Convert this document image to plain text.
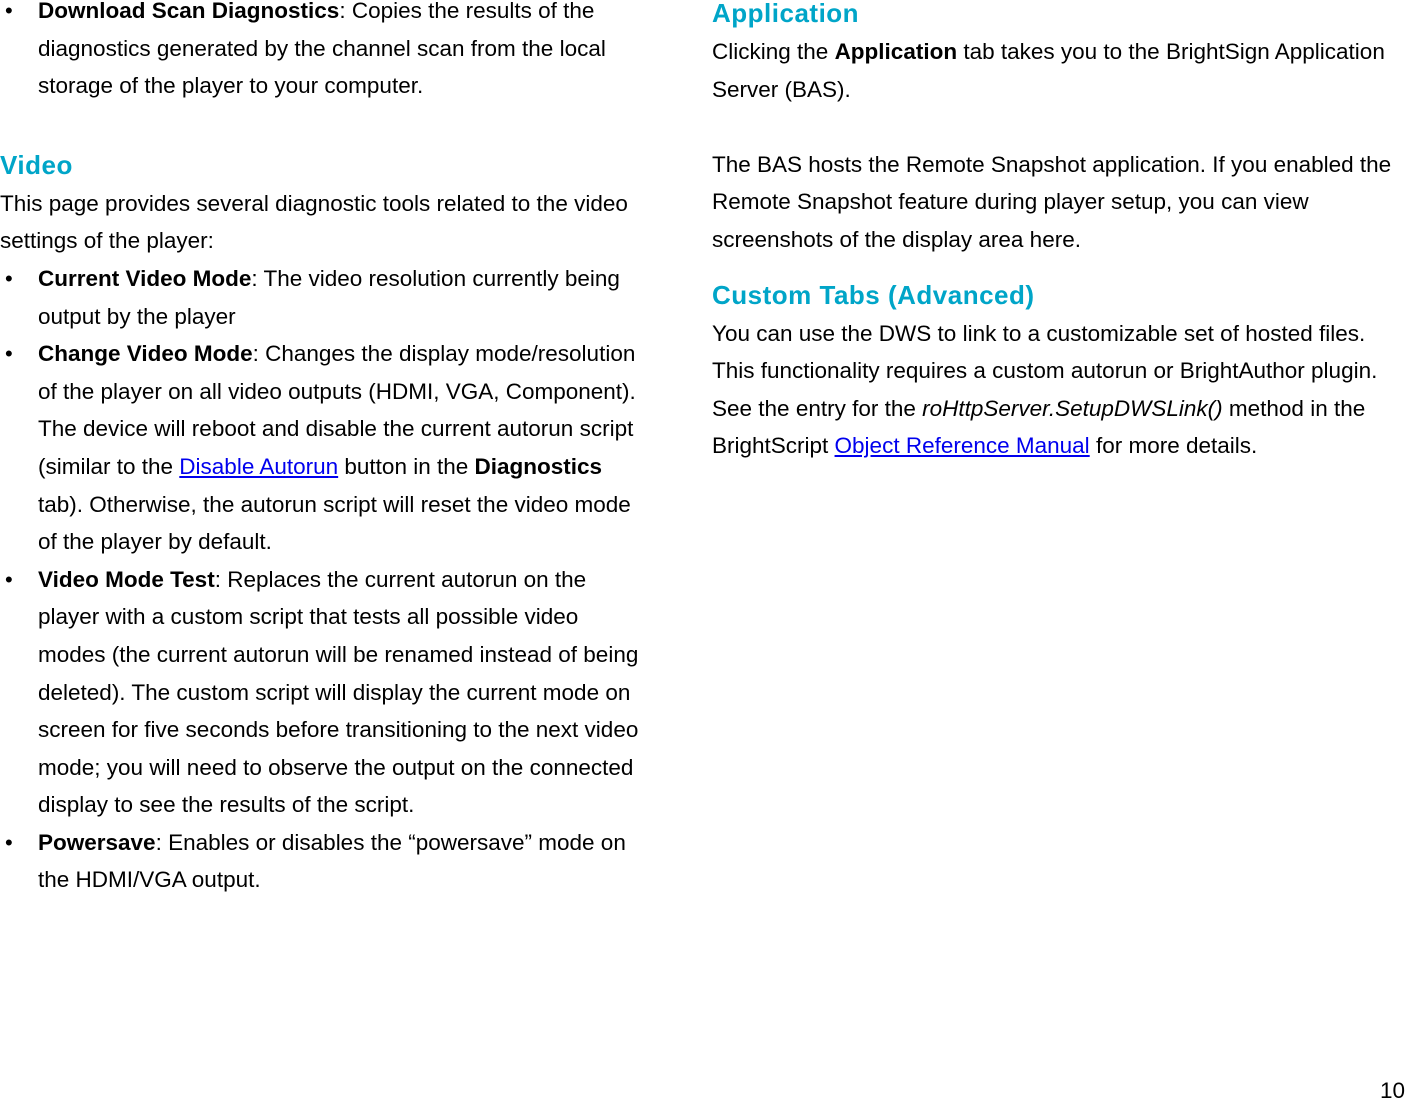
• Download Scan Diagnostics: Copies the results of the diagnostics generated by the channel scan from the local storage of the player to your computer.
Video

This page provides several diagnostic tools related to the video settings of the player:

• Current Video Mode: The video resolution currently being output by the player
• Change Video Mode: Changes the display mode/resolution of the player on all video outputs (HDMI, VGA, Component). The device will reboot and disable the current autorun script (similar to the Disable Autorun button in the Diagnostics tab). Otherwise, the autorun script will reset the video mode of the player by default.
• Video Mode Test: Replaces the current autorun on the player with a custom script that tests all possible video modes (the current autorun will be renamed instead of being deleted). The custom script will display the current mode on screen for five seconds before transitioning to the next video mode; you will need to observe the output on the connected display to see the results of the script.
• Powersave: Enables or disables the “powersave” mode on the HDMI/VGA output.
Application

Clicking the Application tab takes you to the BrightSign Application Server (BAS).

The BAS hosts the Remote Snapshot application. If you enabled the Remote Snapshot feature during player setup, you can view screenshots of the display area here.

Custom Tabs (Advanced)

You can use the DWS to link to a customizable set of hosted files. This functionality requires a custom autorun or BrightAuthor plugin. See the entry for the roHttpServer.SetupDWSLink() method in the BrightScript Object Reference Manual for more details.

10
